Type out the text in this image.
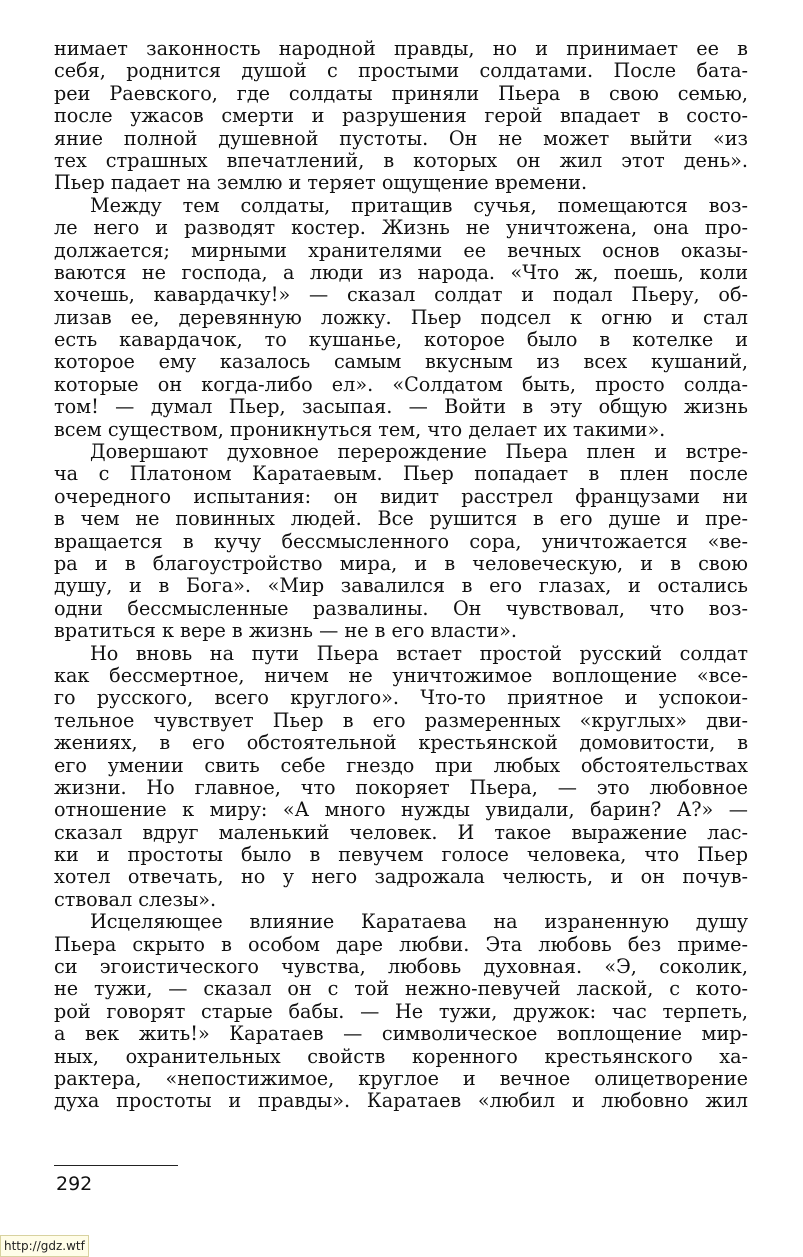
нимает законность народной правды, но и принимает ее в
себя, роднится душой с простыми солдатами. После бата-
реи Раевского, где солдаты приняли Пьера в свою семью,
после ужасов смерти и разрушения герой впадает в состо-
яние полной душевной пустоты. Он не может выйти «из
тех страшных впечатлений, в которых он жил этот день».
Пьер падает на землю и теряет ощущение времени.
Между тем солдаты, притащив сучья, помещаются воз-
ле него и разводят костер. Жизнь не уничтожена, она про-
должается; мирными хранителями ее вечных основ оказы-
ваются не господа, а люди из народа. «Что ж, поешь, коли
хочешь, кавардачку!» — сказал солдат и подал Пьеру, об-
лизав ее, деревянную ложку. Пьер подсел к огню и стал
есть кавардачок, то кушанье, которое было в котелке и
которое ему казалось самым вкусным из всех кушаний,
которые он когда-либо ел». «Солдатом быть, просто солда-
том! — думал Пьер, засыпая. — Войти в эту общую жизнь
всем существом, проникнуться тем, что делает их такими».
Довершают духовное перерождение Пьера плен и встре-
ча с Платоном Каратаевым. Пьер попадает в плен после
очередного испытания: он видит расстрел французами ни
в чем не повинных людей. Все рушится в его душе и пре-
вращается в кучу бессмысленного сора, уничтожается «ве-
ра и в благоустройство мира, и в человеческую, и в свою
душу, и в Бога». «Мир завалился в его глазах, и остались
одни бессмысленные развалины. Он чувствовал, что воз-
вратиться к вере в жизнь — не в его власти».
Но вновь на пути Пьера встает простой русский солдат
как бессмертное, ничем не уничтожимое воплощение «все-
го русского, всего круглого». Что-то приятное и успокои-
тельное чувствует Пьер в его размеренных «круглых» дви-
жениях, в его обстоятельной крестьянской домовитости, в
его умении свить себе гнездо при любых обстоятельствах
жизни. Но главное, что покоряет Пьера, — это любовное
отношение к миру: «А много нужды увидали, барин? А?» —
сказал вдруг маленький человек. И такое выражение лас-
ки и простоты было в певучем голосе человека, что Пьер
хотел отвечать, но у него задрожала челюсть, и он почув-
ствовал слезы».
Исцеляющее влияние Каратаева на израненную душу
Пьера скрыто в особом даре любви. Эта любовь без приме-
си эгоистического чувства, любовь духовная. «Э, соколик,
не тужи, — сказал он с той нежно-певучей лаской, с кото-
рой говорят старые бабы. — Не тужи, дружок: час терпеть,
а век жить!» Каратаев — символическое воплощение мир-
ных, охранительных свойств коренного крестьянского ха-
рактера, «непостижимое, круглое и вечное олицетворение
духа простоты и правды». Каратаев «любил и любовно жил
292
http://gdz.wtf
